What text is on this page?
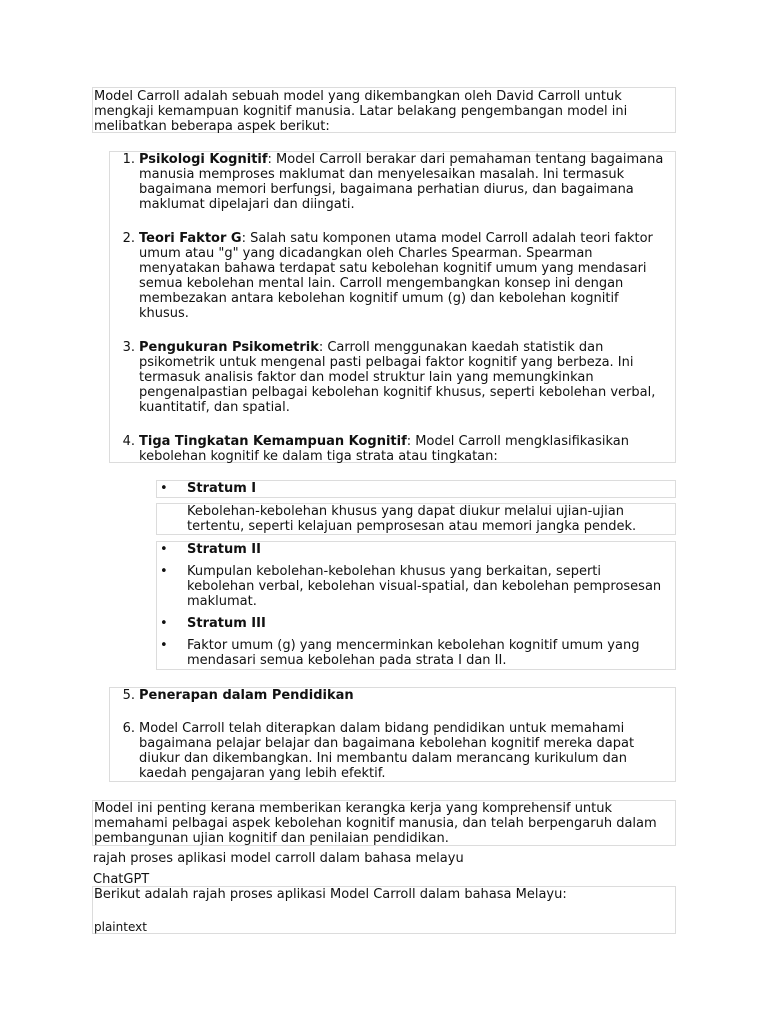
Model Carroll adalah sebuah model yang dikembangkan oleh David Carroll untuk mengkaji kemampuan kognitif manusia. Latar belakang pengembangan model ini melibatkan beberapa aspek berikut:

1. Psikologi Kognitif: Model Carroll berakar dari pemahaman tentang bagaimana manusia memproses maklumat dan menyelesaikan masalah. Ini termasuk bagaimana memori berfungsi, bagaimana perhatian diurus, dan bagaimana maklumat dipelajari dan diingati.
2. Teori Faktor G: Salah satu komponen utama model Carroll adalah teori faktor umum atau "g" yang dicadangkan oleh Charles Spearman. Spearman menyatakan bahawa terdapat satu kebolehan kognitif umum yang mendasari semua kebolehan mental lain. Carroll mengembangkan konsep ini dengan membezakan antara kebolehan kognitif umum (g) dan kebolehan kognitif khusus.
3. Pengukuran Psikometrik: Carroll menggunakan kaedah statistik dan psikometrik untuk mengenal pasti pelbagai faktor kognitif yang berbeza. Ini termasuk analisis faktor dan model struktur lain yang memungkinkan pengenalpastian pelbagai kebolehan kognitif khusus, seperti kebolehan verbal, kuantitatif, dan spatial.
4. Tiga Tingkatan Kemampuan Kognitif: Model Carroll mengklasifikasikan kebolehan kognitif ke dalam tiga strata atau tingkatan:
• Stratum I

Kebolehan-kebolehan khusus yang dapat diukur melalui ujian-ujian tertentu, seperti kelajuan pemprosesan atau memori jangka pendek.

• Stratum II
• Kumpulan kebolehan-kebolehan khusus yang berkaitan, seperti kebolehan verbal, kebolehan visual-spatial, dan kebolehan pemprosesan maklumat.
• Stratum III
• Faktor umum (g) yang mencerminkan kebolehan kognitif umum yang mendasari semua kebolehan pada strata I dan II.
5. Penerapan dalam Pendidikan
6. Model Carroll telah diterapkan dalam bidang pendidikan untuk memahami bagaimana pelajar belajar dan bagaimana kebolehan kognitif mereka dapat diukur dan dikembangkan. Ini membantu dalam merancang kurikulum dan kaedah pengajaran yang lebih efektif.

Model ini penting kerana memberikan kerangka kerja yang komprehensif untuk memahami pelbagai aspek kebolehan kognitif manusia, dan telah berpengaruh dalam pembangunan ujian kognitif dan penilaian pendidikan.

rajah proses aplikasi model carroll dalam bahasa melayu
ChatGPT

Berikut adalah rajah proses aplikasi Model Carroll dalam bahasa Melayu:

plaintext
